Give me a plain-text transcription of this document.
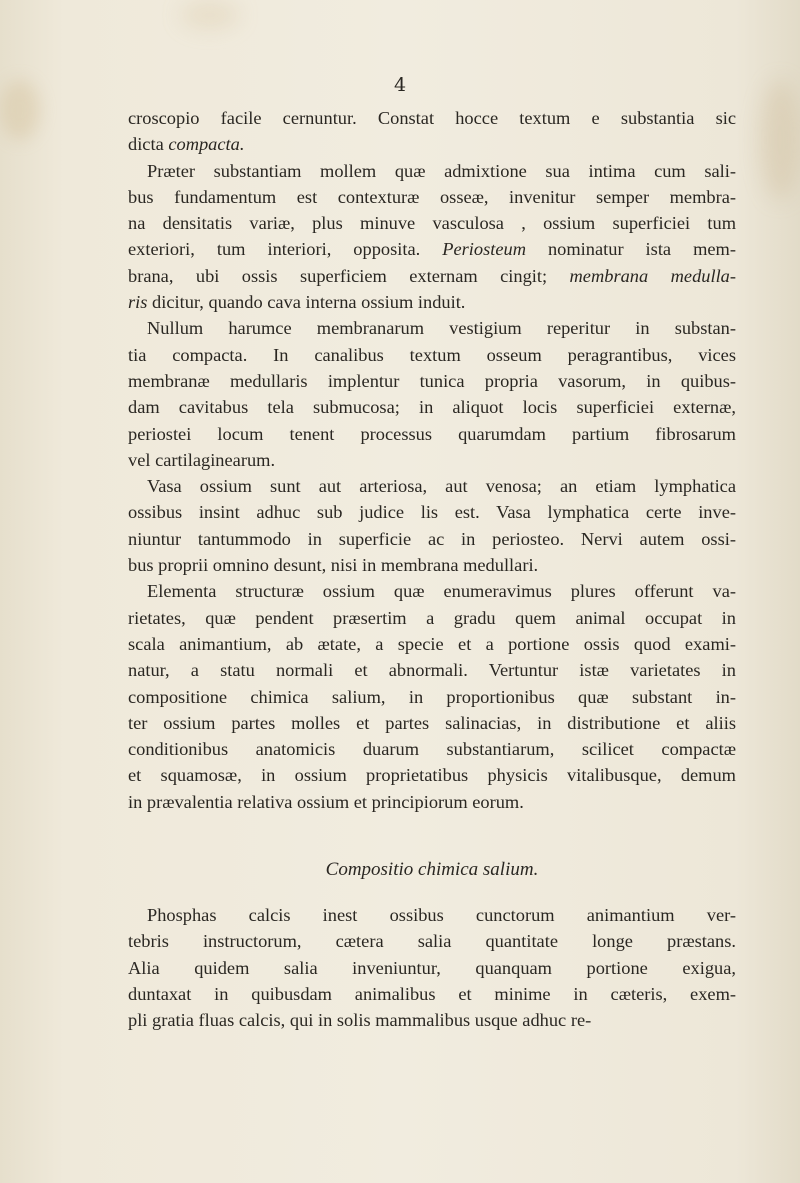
4
croscopio facile cernuntur. Constat hocce textum e substantia sic
dicta compacta.
Præter substantiam mollem quæ admixtione sua intima cum sali-
bus fundamentum est contexturæ osseæ, invenitur semper membra-
na densitatis variæ, plus minuve vasculosa , ossium superficiei tum
exteriori, tum interiori, opposita. Periosteum nominatur ista mem-
brana, ubi ossis superficiem externam cingit; membrana medulla-
ris dicitur, quando cava interna ossium induit.
Nullum harumce membranarum vestigium reperitur in substan-
tia compacta. In canalibus textum osseum peragrantibus, vices
membranæ medullaris implentur tunica propria vasorum, in quibus-
dam cavitabus tela submucosa; in aliquot locis superficiei externæ,
periostei locum tenent processus quarumdam partium fibrosarum
vel cartilaginearum.
Vasa ossium sunt aut arteriosa, aut venosa; an etiam lymphatica
ossibus insint adhuc sub judice lis est. Vasa lymphatica certe inve-
niuntur tantummodo in superficie ac in periosteo. Nervi autem ossi-
bus proprii omnino desunt, nisi in membrana medullari.
Elementa structuræ ossium quæ enumeravimus plures offerunt va-
rietates, quæ pendent præsertim a gradu quem animal occupat in
scala animantium, ab ætate, a specie et a portione ossis quod exami-
natur, a statu normali et abnormali. Vertuntur istæ varietates in
compositione chimica salium, in proportionibus quæ substant in-
ter ossium partes molles et partes salinacias, in distributione et aliis
conditionibus anatomicis duarum substantiarum, scilicet compactæ
et squamosæ, in ossium proprietatibus physicis vitalibusque, demum
in prævalentia relativa ossium et principiorum eorum.
Compositio chimica salium.
Phosphas calcis inest ossibus cunctorum animantium ver-
tebris instructorum, cætera salia quantitate longe præstans.
Alia quidem salia inveniuntur, quanquam portione exigua,
duntaxat in quibusdam animalibus et minime in cæteris, exem-
pli gratia fluas calcis, qui in solis mammalibus usque adhuc re-
